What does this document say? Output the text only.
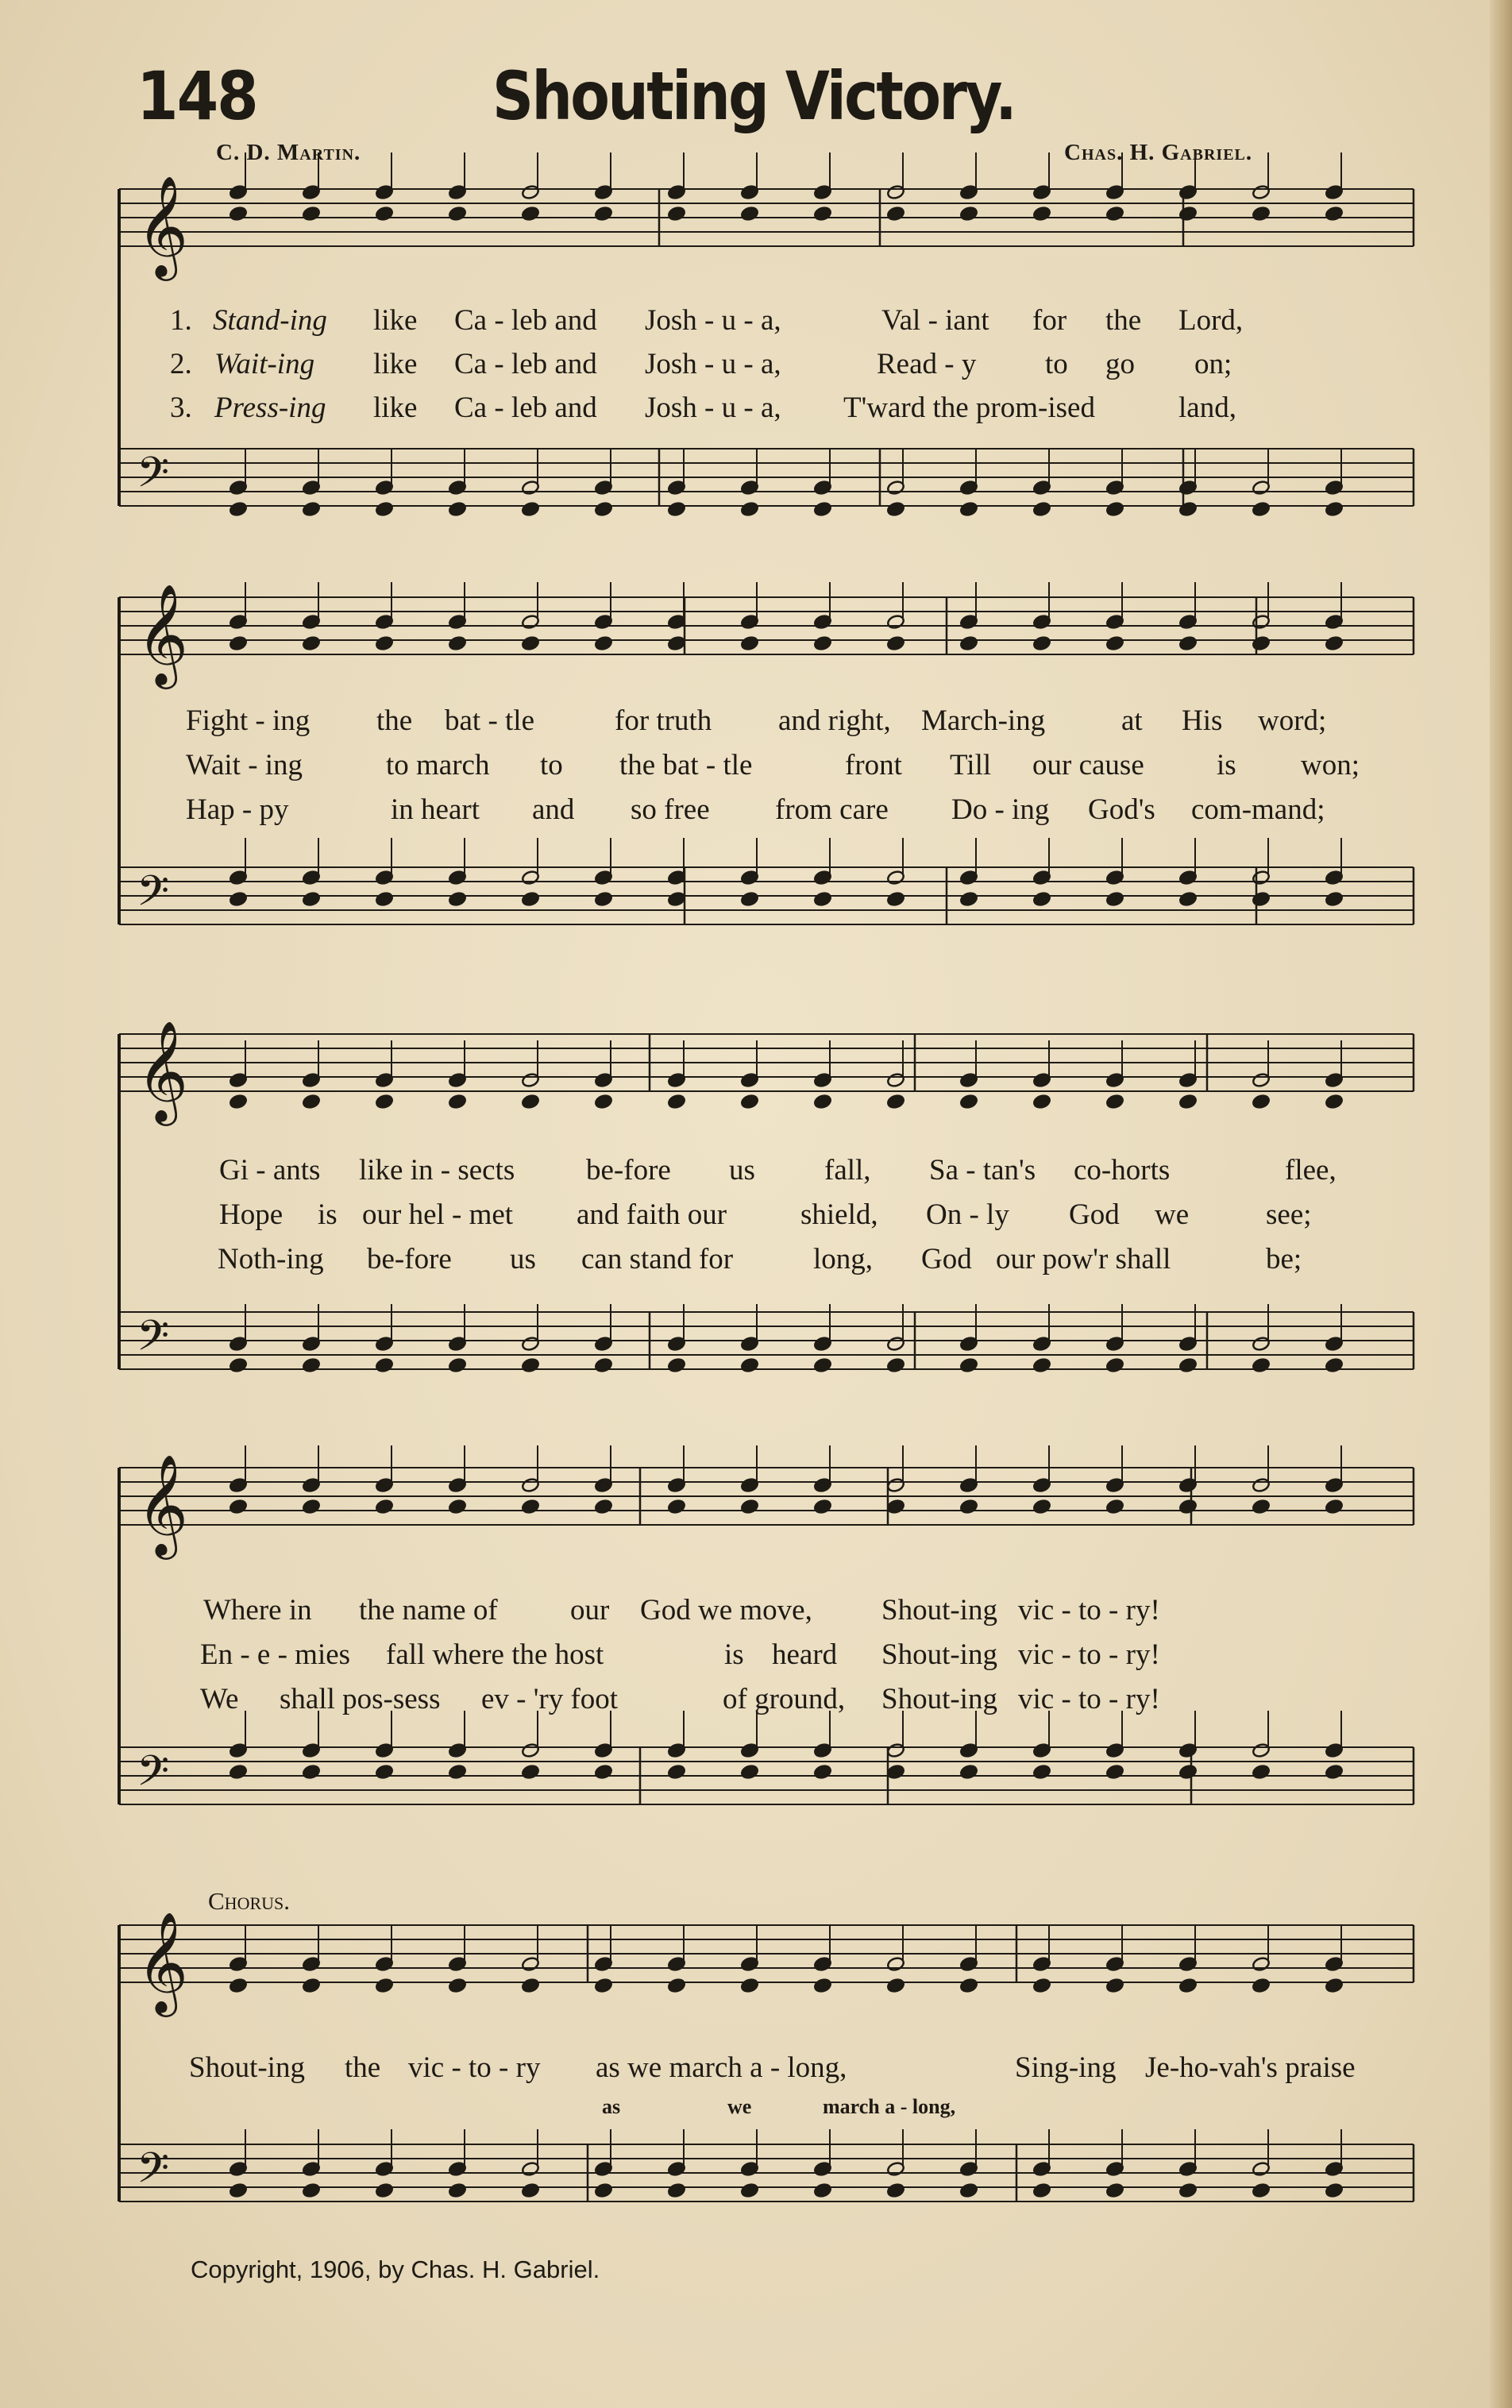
148	Shouting Victory.
C. D. Martin.	Chas. H. Gabriel.
𝄞
𝄢
𝄞
𝄢
𝄞
𝄢
𝄞
𝄢
𝄞
𝄢
1. Stand-ing like Ca - leb and Josh - u - a,	Val - iant for the Lord,
2. Wait-ing like Ca - leb and Josh - u - a,	Read - y to go on;
3. Press-ing like Ca - leb and Josh - u - a, T'ward the prom-ised	land,
Fight - ing the bat - tle	for truth and right, March-ing	at His word;
Wait - ing	to march to the bat - tle	front Till our cause is won;
Hap - py	in heart and so free from care Do - ing God's com-mand;
Gi - ants like in - sects be-fore us fall, Sa - tan's co-horts	flee,
Hope is our hel - met and faith our	shield, On - ly God we	see;
Noth-ing be-fore us can stand for	long, God our pow'r shall	be;
Where in the name of our God we move, Shout-ing vic - to - ry!
En - e - mies fall where the host	is heard Shout-ing vic - to - ry!
We shall pos-sess ev - 'ry foot	of ground, Shout-ing vic - to - ry!
Chorus.
Shout-ing the vic - to - ry as we march a - long,	Sing-ing Je-ho-vah's praise
as	we	march a - long,
Copyright, 1906, by Chas. H. Gabriel.
